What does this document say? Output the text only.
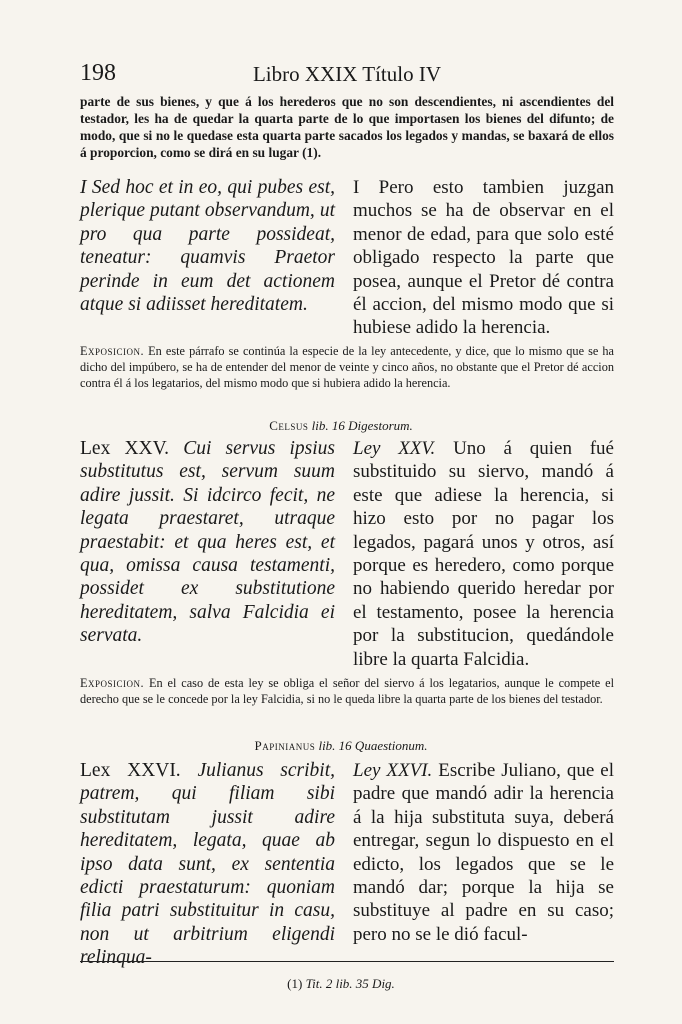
198	Libro XXIX Título IV
parte de sus bienes, y que á los herederos que no son descendientes, ni ascendientes del testador, les ha de quedar la quarta parte de lo que importasen los bienes del difunto; de modo, que si no le quedase esta quarta parte sacados los legados y mandas, se baxará de ellos á proporcion, como se dirá en su lugar (1).
I Sed hoc et in eo, qui pubes est, plerique putant observandum, ut pro qua parte possideat, teneatur: quamvis Praetor perinde in eum det actionem atque si adiisset hereditatem.
I Pero esto tambien juzgan muchos se ha de observar en el menor de edad, para que solo esté obligado respecto la parte que posea, aunque el Pretor dé contra él accion, del mismo modo que si hubiese adido la herencia.
Exposicion. En este párrafo se continúa la especie de la ley antecedente, y dice, que lo mismo que se ha dicho del impúbero, se ha de entender del menor de veinte y cinco años, no obstante que el Pretor dé accion contra él á los legatarios, del mismo modo que si hubiera adido la herencia.
Celsus lib. 16 Digestorum.
Lex XXV. Cui servus ipsius substitutus est, servum suum adire jussit. Si idcirco fecit, ne legata praestaret, utraque praestabit: et qua heres est, et qua, omissa causa testamenti, possidet ex substitutione hereditatem, salva Falcidia ei servata.
Ley XXV. Uno á quien fué substituido su siervo, mandó á este que adiese la herencia, si hizo esto por no pagar los legados, pagará unos y otros, así porque es heredero, como porque no habiendo querido heredar por el testamento, posee la herencia por la substitucion, quedándole libre la quarta Falcidia.
Exposicion. En el caso de esta ley se obliga el señor del siervo á los legatarios, aunque le compete el derecho que se le concede por la ley Falcidia, si no le queda libre la quarta parte de los bienes del testador.
Papinianus lib. 16 Quaestionum.
Lex XXVI. Julianus scribit, patrem, qui filiam sibi substitutam jussit adire hereditatem, legata, quae ab ipso data sunt, ex sententia edicti praestaturum: quoniam filia patri substituitur in casu, non ut arbitrium eligendi relinqua-
Ley XXVI. Escribe Juliano, que el padre que mandó adir la herencia á la hija substituta suya, deberá entregar, segun lo dispuesto en el edicto, los legados que se le mandó dar; porque la hija se substituye al padre en su caso; pero no se le dió facul-
(1) Tit. 2 lib. 35 Dig.
